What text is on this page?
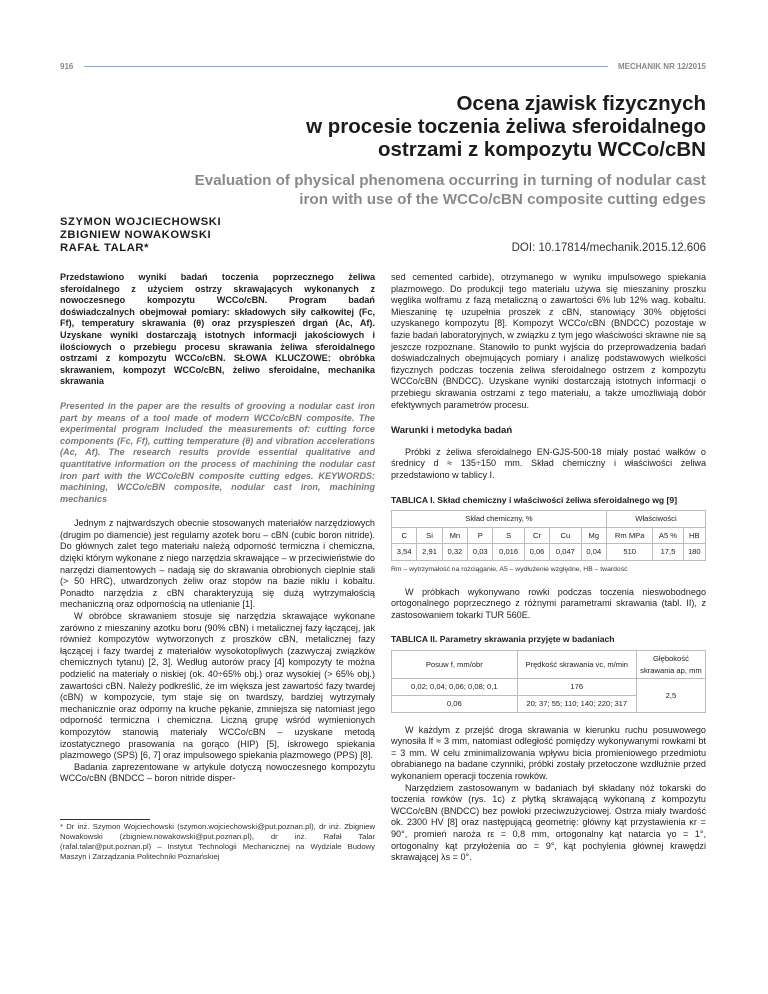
916	MECHANIK NR 12/2015
Ocena zjawisk fizycznych
w procesie toczenia żeliwa sferoidalnego
ostrzami z kompozytu WCCo/cBN
Evaluation of physical phenomena occurring in turning of nodular cast
iron with use of the WCCo/cBN composite cutting edges
SZYMON WOJCIECHOWSKI
ZBIGNIEW NOWAKOWSKI
RAFAŁ TALAR*	DOI: 10.17814/mechanik.2015.12.606

Przedstawiono wyniki badań toczenia poprzecznego żeliwa sferoidalnego z użyciem ostrzy skrawających wykonanych z nowoczesnego kompozytu WCCo/cBN. Program badań doświadczalnych obejmował pomiary: składowych siły całkowitej (Fc, Ff), temperatury skrawania (θ) oraz przyspieszeń drgań (Ac, Af). Uzyskane wyniki dostarczają istotnych informacji jakościowych i ilościowych o przebiegu procesu skrawania żeliwa sferoidalnego ostrzami z kompozytu WCCo/cBN. SŁOWA KLUCZOWE: obróbka skrawaniem, kompozyt WCCo/cBN, żeliwo sferoidalne, mechanika skrawania

Presented in the paper are the results of grooving a nodular cast iron part by means of a tool made of modern WCCo/cBN composite. The experimental program included the measurements of: cutting force components (Fc, Ff), cutting temperature (θ) and vibration accelerations (Ac, Af). The research results provide essential qualitative and quantitative information on the process of machining the nodular cast iron part with the WCCo/cBN composite cutting edges. KEYWORDS: machining, WCCo/cBN composite, nodular cast iron, machining mechanics

Jednym z najtwardszych obecnie stosowanych materiałów narzędziowych (drugim po diamencie) jest regularny azotek boru – cBN (cubic boron nitride). Do głównych zalet tego materiału należą odporność termiczna i chemiczna, dzięki którym wykonane z niego narzędzia skrawające – w przeciwieństwie do narzędzi diamentowych – nadają się do skrawania obrobionych cieplnie stali (> 50 HRC), utwardzonych żeliw oraz stopów na bazie niklu i kobaltu. Ponadto narzędzia z cBN charakteryzują się dużą wytrzymałością mechaniczną oraz odpornością na utlenianie [1].

W obróbce skrawaniem stosuje się narzędzia skrawające wykonane zarówno z mieszaniny azotku boru (90% cBN) i metalicznej fazy łączącej, jak również kompozytów wytworzonych z proszków cBN, metalicznej fazy łączącej i fazy twardej z materiałów wysokotopliwych (zazwyczaj związków chemicznych tytanu) [2, 3]. Według autorów pracy [4] kompozyty te można podzielić na materiały o niskiej (ok. 40÷65% obj.) oraz wysokiej (> 65% obj.) zawartości cBN. Należy podkreślić, że im większa jest zawartość fazy twardej (cBN) w kompozycie, tym staje się on twardszy, bardziej wytrzymały mechanicznie oraz odporny na kruche pękanie, zmniejsza się natomiast jego odporność termiczna i chemiczna. Liczną grupę wśród wymienionych kompozytów stanowią materiały WCCo/cBN – uzyskane metodą izostatycznego prasowania na gorąco (HIP) [5], iskrowego spiekania plazmowego (SPS) [6, 7] oraz impulsowego spiekania plazmowego (PPS) [8].

Badania zaprezentowane w artykule dotyczą nowoczesnego kompozytu WCCo/cBN (BNDCC – boron nitride disper-

* Dr inż. Szymon Wojciechowski (szymon.wojciechowski@put.poznan.pl), dr inż. Zbigniew Nowakowski (zbigniew.nowakowski@put.poznan.pl), dr inż. Rafał Talar (rafal.talar@put.poznan.pl) – Instytut Technologii Mechanicznej na Wydziale Budowy Maszyn i Zarządzania Politechniki Poznańskiej

sed cemented carbide), otrzymanego w wyniku impulsowego spiekania plazmowego. Do produkcji tego materiału używa się mieszaniny proszku węglika wolframu z fazą metaliczną o zawartości 6% lub 12% wag. kobaltu. Mieszaninę tę uzupełnia proszek z cBN, stanowiący 30% objętości uzyskanego kompozytu [8]. Kompozyt WCCo/cBN (BNDCC) pozostaje w fazie badań laboratoryjnych, w związku z tym jego właściwości skrawne nie są jeszcze rozpoznane. Stanowiło to punkt wyjścia do przeprowadzenia badań doświadczalnych obejmujących pomiary i analizę podstawowych wielkości fizycznych podczas toczenia żeliwa sferoidalnego ostrzem z kompozytu WCCo/cBN (BNDCC). Uzyskane wyniki dostarczają istotnych informacji o przebiegu skrawania ostrzami z tego materiału, a także umożliwiają dobór efektywnych parametrów procesu.

Warunki i metodyka badań

Próbki z żeliwa sferoidalnego EN-GJS-500-18 miały postać wałków o średnicy d ≈ 135÷150 mm. Skład chemiczny i właściwości żeliwa przedstawiono w tablicy I.

TABLICA I. Skład chemiczny i właściwości żeliwa sferoidalnego wg [9]
Skład chemiczny, %								Właściwości		
C	Si	Mn	P	S	Cr	Cu	Mg	Rm MPa	A5 %	HB
3,54	2,91	0,32	0,03	0,016	0,06	0,047	0,04	510	17,5	180
Rm – wytrzymałość na rozciąganie, A5 – wydłużenie względne, HB – twardość

W próbkach wykonywano rowki podczas toczenia nieswobodnego ortogonalnego poprzecznego z różnymi parametrami skrawania (tabl. II), z zastosowaniem tokarki TUR 560E.

TABLICA II. Parametry skrawania przyjęte w badaniach
Posuw f, mm/obr	Prędkość skrawania vc, m/min	Głębokość skrawania ap, mm
0,02; 0,04; 0,06; 0,08; 0,1	176	2,5
0,06	20; 37; 55; 110; 140; 220; 317	

W każdym z przejść droga skrawania w kierunku ruchu posuwowego wynosiła lf ≈ 3 mm, natomiast odległość pomiędzy wykonywanymi rowkami bt = 3 mm. W celu zminimalizowania wpływu bicia promieniowego przedmiotu obrabianego na badane czynniki, próbki zostały przetoczone wzdłużnie przed wykonaniem operacji toczenia rowków.

Narzędziem zastosowanym w badaniach był składany nóż tokarski do toczenia rowków (rys. 1c) z płytką skrawającą wykonaną z kompozytu WCCo/cBN (BNDCC) bez powłoki przeciwzużyciowej. Ostrza miały twardość ok. 2300 HV [8] oraz następującą geometrię: główny kąt przystawienia κr = 90°, promień naroża rε = 0,8 mm, ortogonalny kąt natarcia γo = 1°, ortogonalny kąt przyłożenia αo = 9°, kąt pochylenia głównej krawędzi skrawającej λs = 0°.
